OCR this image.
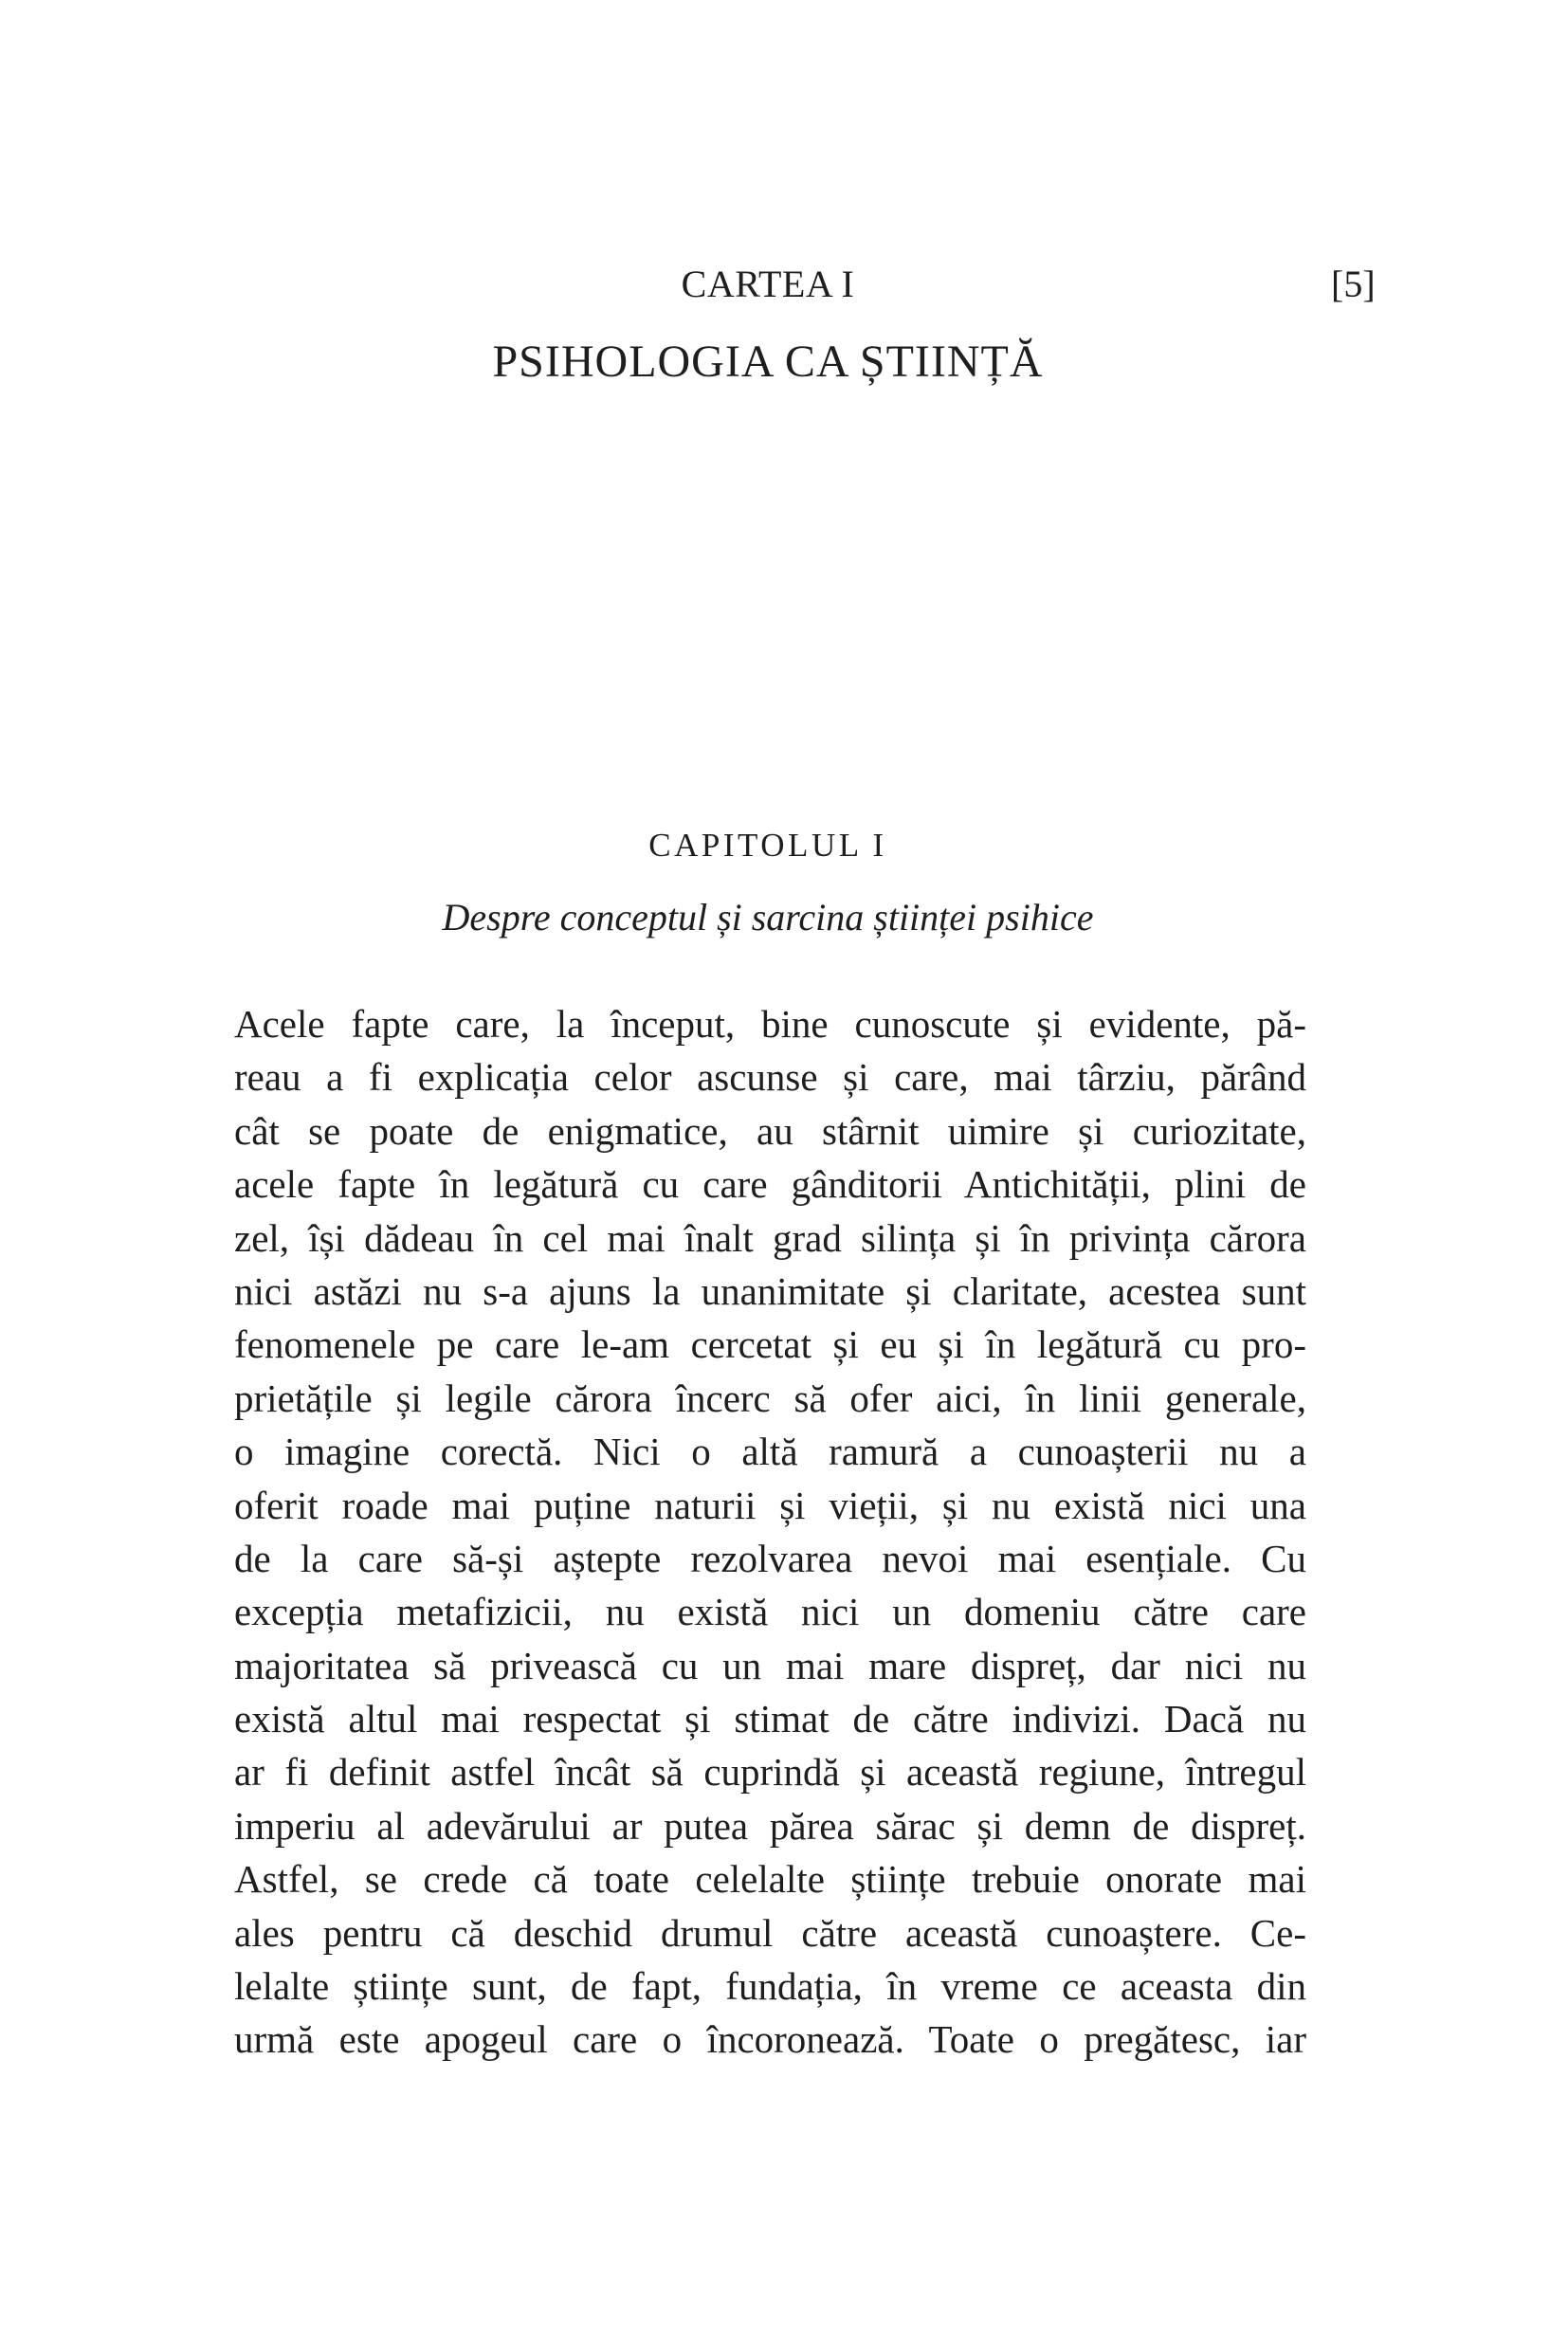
CARTEA I	[5]
PSIHOLOGIA CA ȘTIINȚĂ
CAPITOLUL I
Despre conceptul și sarcina științei psihice
Acele fapte care, la început, bine cunoscute și evidente, pă-
reau a fi explicația celor ascunse și care, mai târziu, părând
cât se poate de enigmatice, au stârnit uimire și curiozitate,
acele fapte în legătură cu care gânditorii Antichității, plini de
zel, își dădeau în cel mai înalt grad silința și în privința cărora
nici astăzi nu s-a ajuns la unanimitate și claritate, acestea sunt
fenomenele pe care le-am cercetat și eu și în legătură cu pro-
prietățile și legile cărora încerc să ofer aici, în linii generale,
o imagine corectă. Nici o altă ramură a cunoașterii nu a
oferit roade mai puține naturii și vieții, și nu există nici una
de la care să-și aștepte rezolvarea nevoi mai esențiale. Cu
excepția metafizicii, nu există nici un domeniu către care
majoritatea să privească cu un mai mare dispreț, dar nici nu
există altul mai respectat și stimat de către indivizi. Dacă nu
ar fi definit astfel încât să cuprindă și această regiune, întregul
imperiu al adevărului ar putea părea sărac și demn de dispreț.
Astfel, se crede că toate celelalte științe trebuie onorate mai
ales pentru că deschid drumul către această cunoaștere. Ce-
lelalte științe sunt, de fapt, fundația, în vreme ce aceasta din
urmă este apogeul care o încoronează. Toate o pregătesc, iar
